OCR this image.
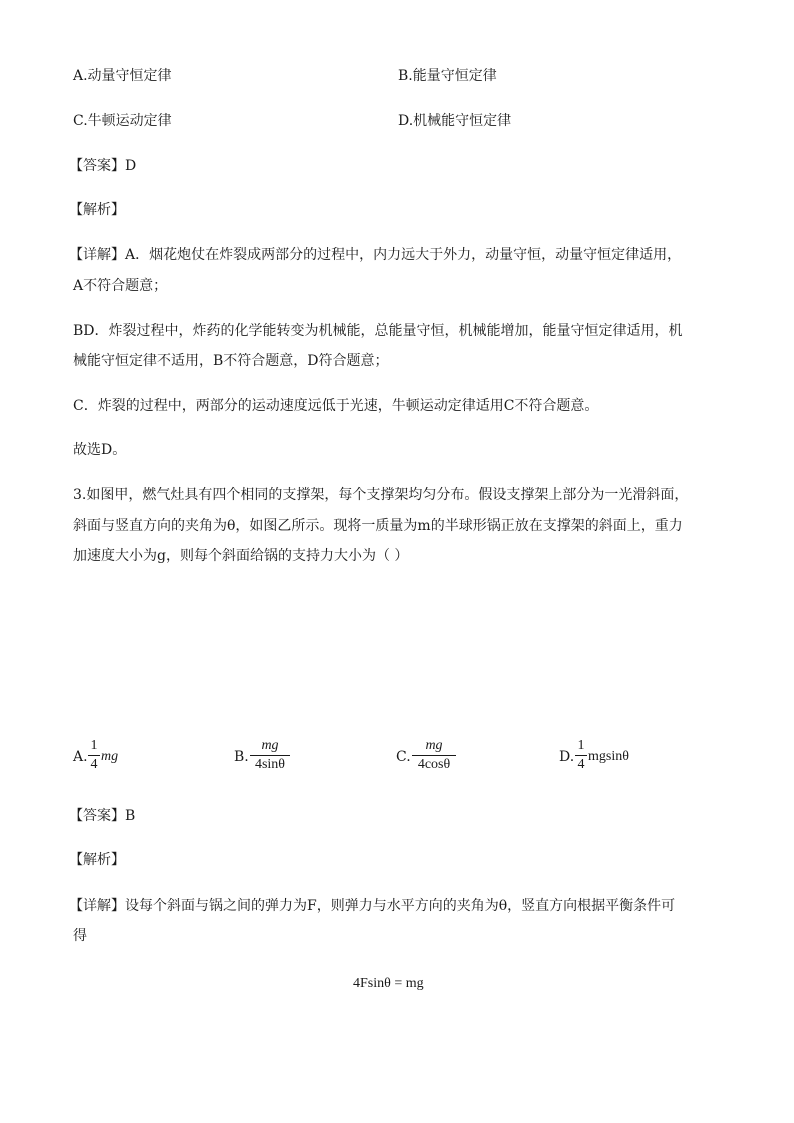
A.动量守恒定律	B.能量守恒定律
C.牛顿运动定律	D.机械能守恒定律
【答案】D
【解析】
【详解】A．烟花炮仗在炸裂成两部分的过程中，内力远大于外力，动量守恒，动量守恒定律适用，
A不符合题意；
BD．炸裂过程中，炸药的化学能转变为机械能，总能量守恒，机械能增加，能量守恒定律适用，机
械能守恒定律不适用，B不符合题意，D符合题意；
C．炸裂的过程中，两部分的运动速度远低于光速，牛顿运动定律适用C不符合题意。
故选D。
3.如图甲，燃气灶具有四个相同的支撑架，每个支撑架均匀分布。假设支撑架上部分为一光滑斜面，
斜面与竖直方向的夹角为θ，如图乙所示。现将一质量为m的半球形锅正放在支撑架的斜面上，重力
加速度大小为g，则每个斜面给锅的支持力大小为（ ）
A.
1
4
mg	B.
mg
4sinθ	C.
mg
4cosθ	D.
1
4
mgsinθ
【答案】B
【解析】
【详解】设每个斜面与锅之间的弹力为F，则弹力与水平方向的夹角为θ，竖直方向根据平衡条件可
得
4Fsinθ = mg
